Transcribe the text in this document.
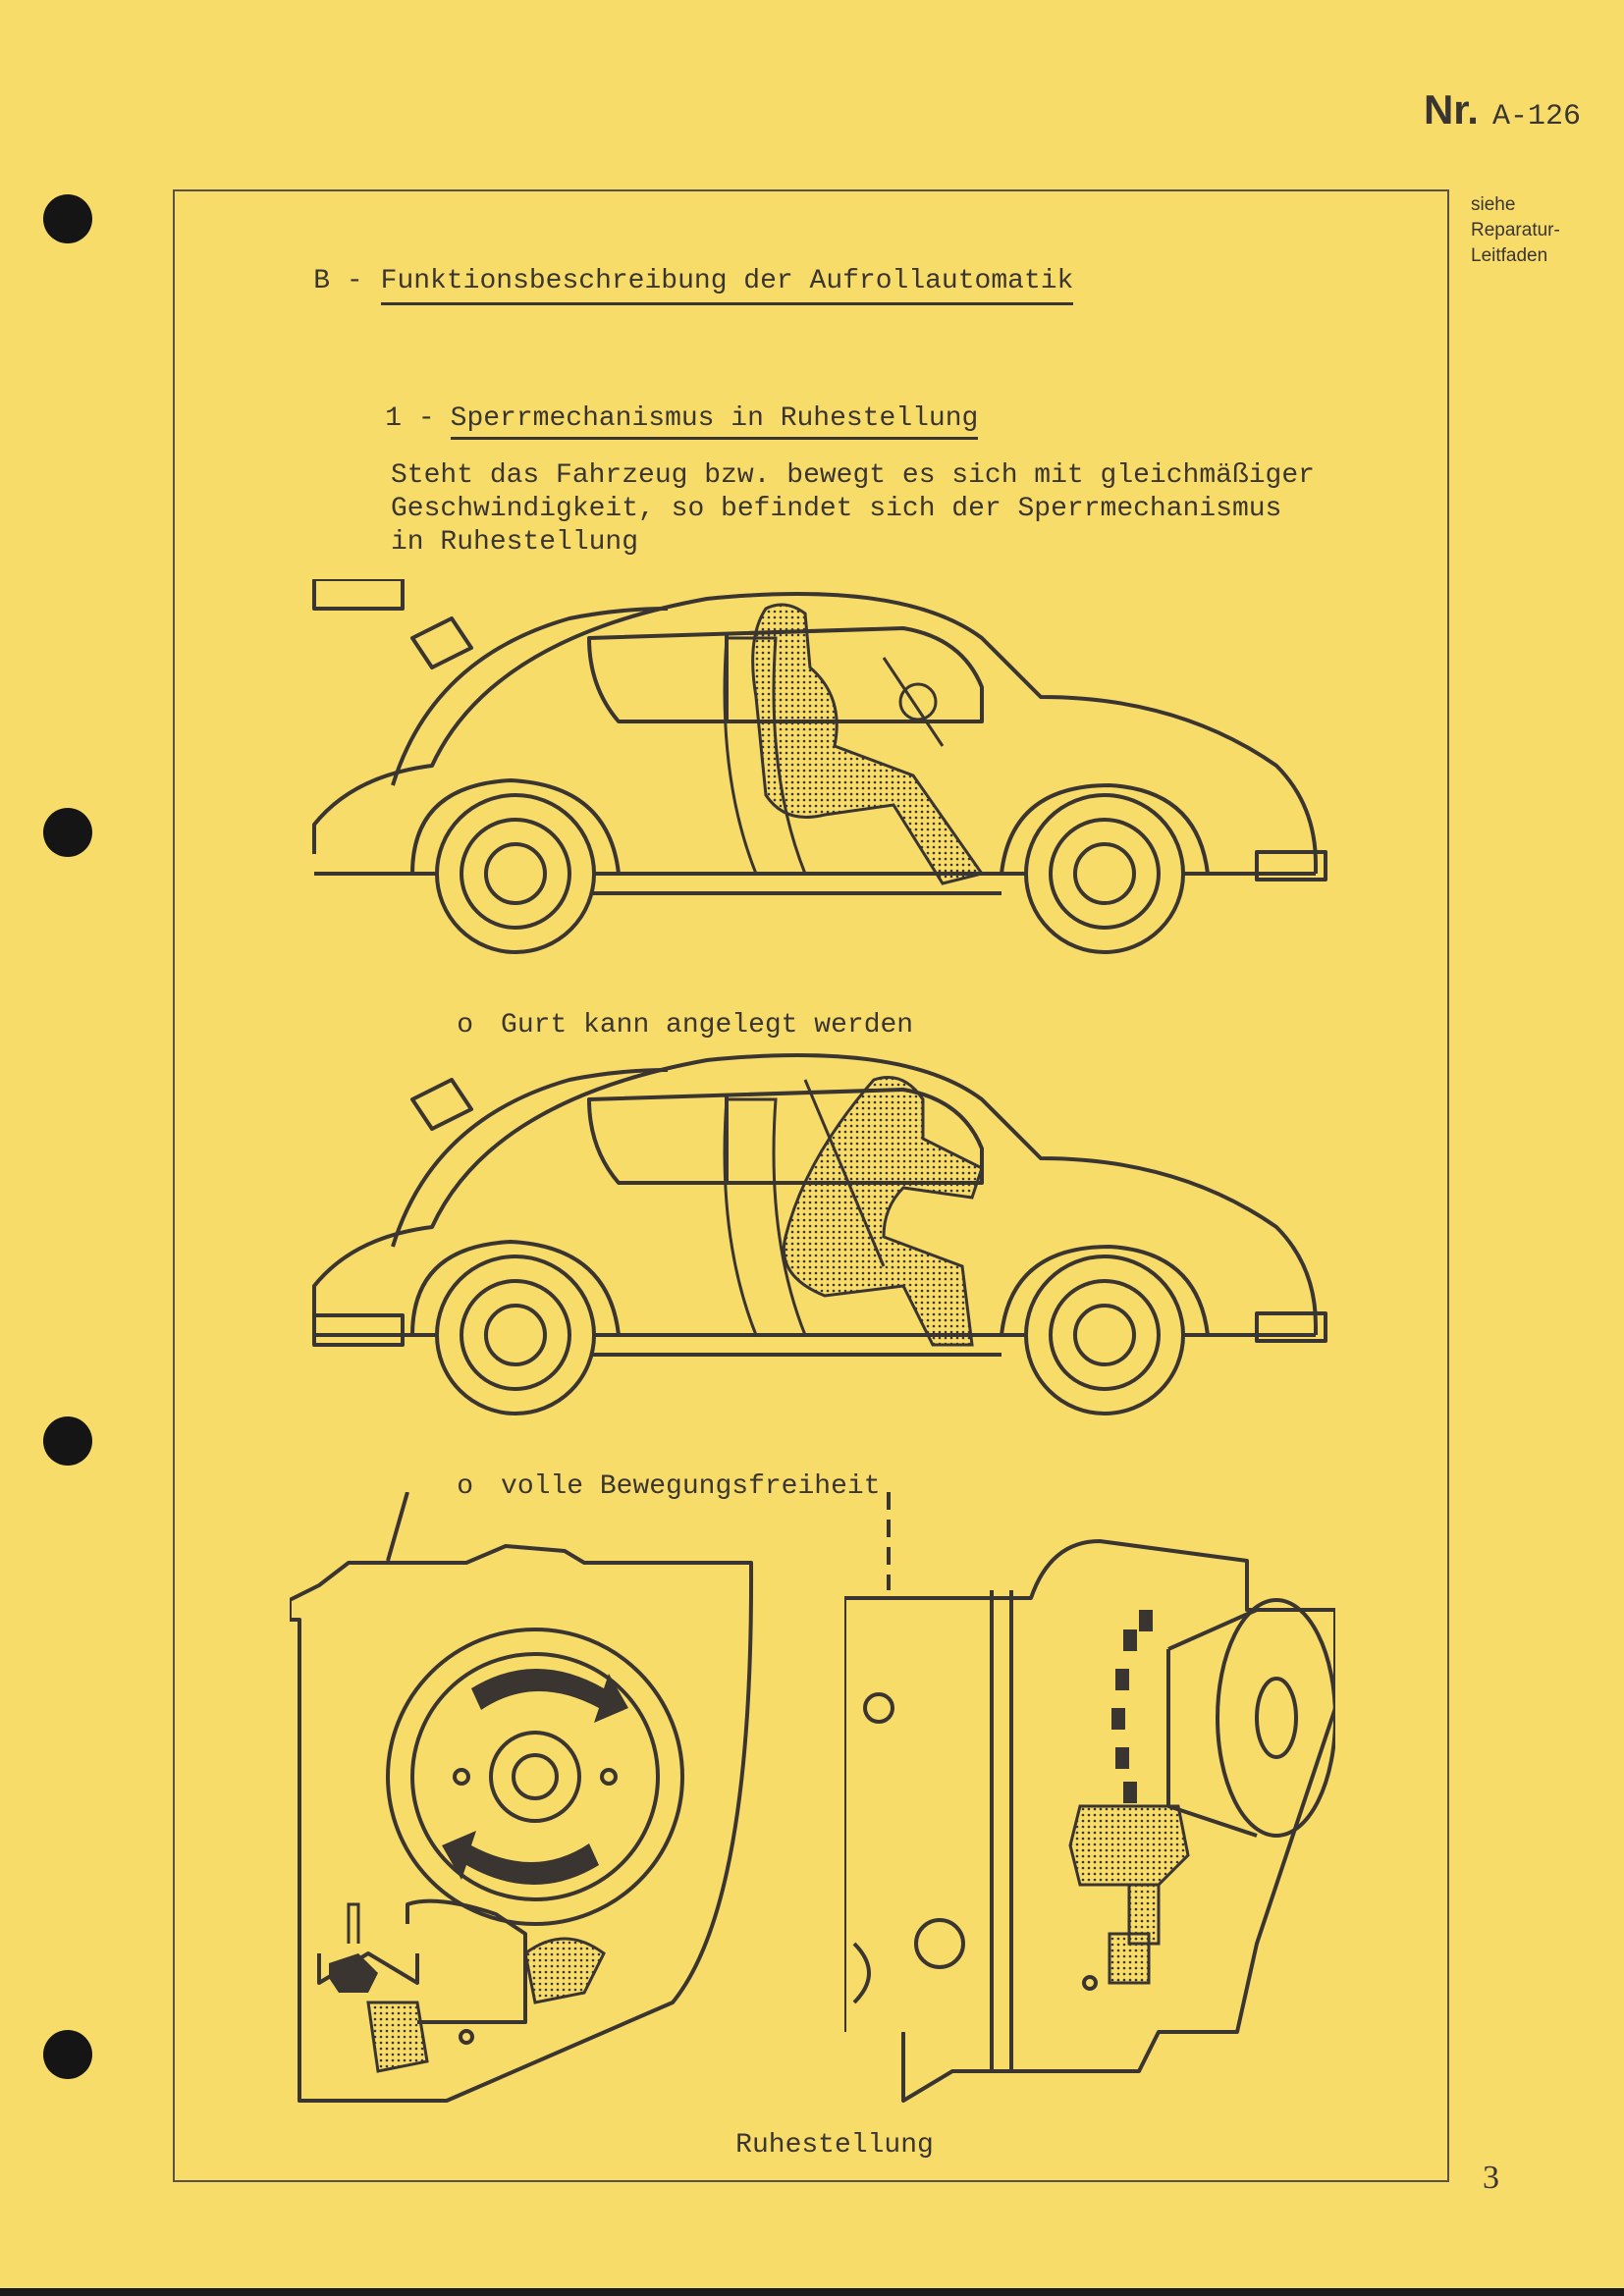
Nr. A-126
siehe
Reparatur-
Leitfaden

B - Funktionsbeschreibung der Aufrollautomatik

1 - Sperrmechanismus in Ruhestellung

Steht das Fahrzeug bzw. bewegt es sich mit gleichmäßiger
Geschwindigkeit, so befindet sich der Sperrmechanismus
in Ruhestellung

o Gurt kann angelegt werden

o volle Bewegungsfreiheit

Ruhestellung
3
